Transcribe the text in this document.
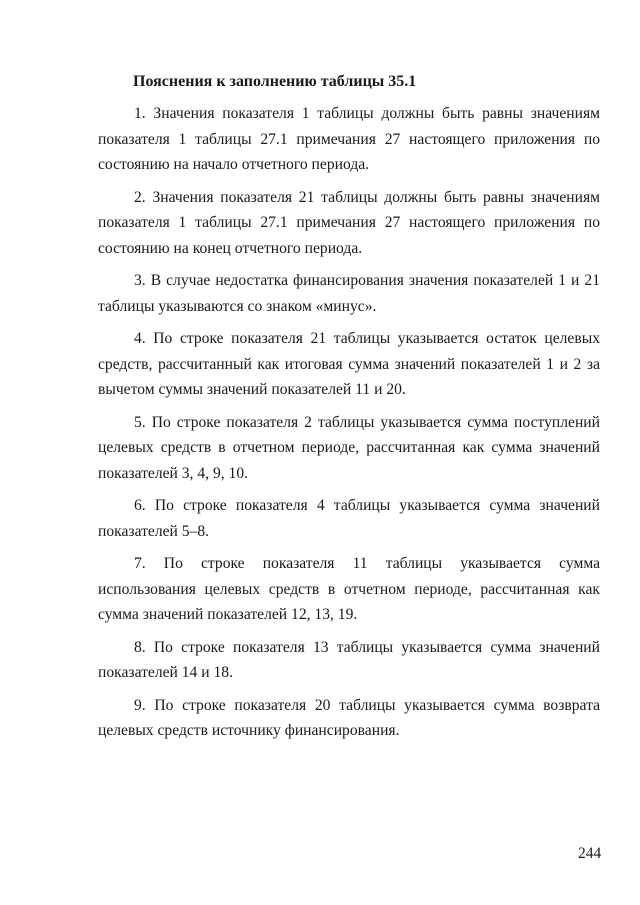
Пояснения к заполнению таблицы 35.1

1. Значения показателя 1 таблицы должны быть равны значениям показателя 1 таблицы 27.1 примечания 27 настоящего приложения по состоянию на начало отчетного периода.

2. Значения показателя 21 таблицы должны быть равны значениям показателя 1 таблицы 27.1 примечания 27 настоящего приложения по состоянию на конец отчетного периода.

3. В случае недостатка финансирования значения показателей 1 и 21 таблицы указываются со знаком «минус».

4. По строке показателя 21 таблицы указывается остаток целевых средств, рассчитанный как итоговая сумма значений показателей 1 и 2 за вычетом суммы значений показателей 11 и 20.

5. По строке показателя 2 таблицы указывается сумма поступлений целевых средств в отчетном периоде, рассчитанная как сумма значений показателей 3, 4, 9, 10.

6. По строке показателя 4 таблицы указывается сумма значений показателей 5–8.

7. По строке показателя 11 таблицы указывается сумма использования целевых средств в отчетном периоде, рассчитанная как сумма значений показателей 12, 13, 19.

8. По строке показателя 13 таблицы указывается сумма значений показателей 14 и 18.

9. По строке показателя 20 таблицы указывается сумма возврата целевых средств источнику финансирования.

244
